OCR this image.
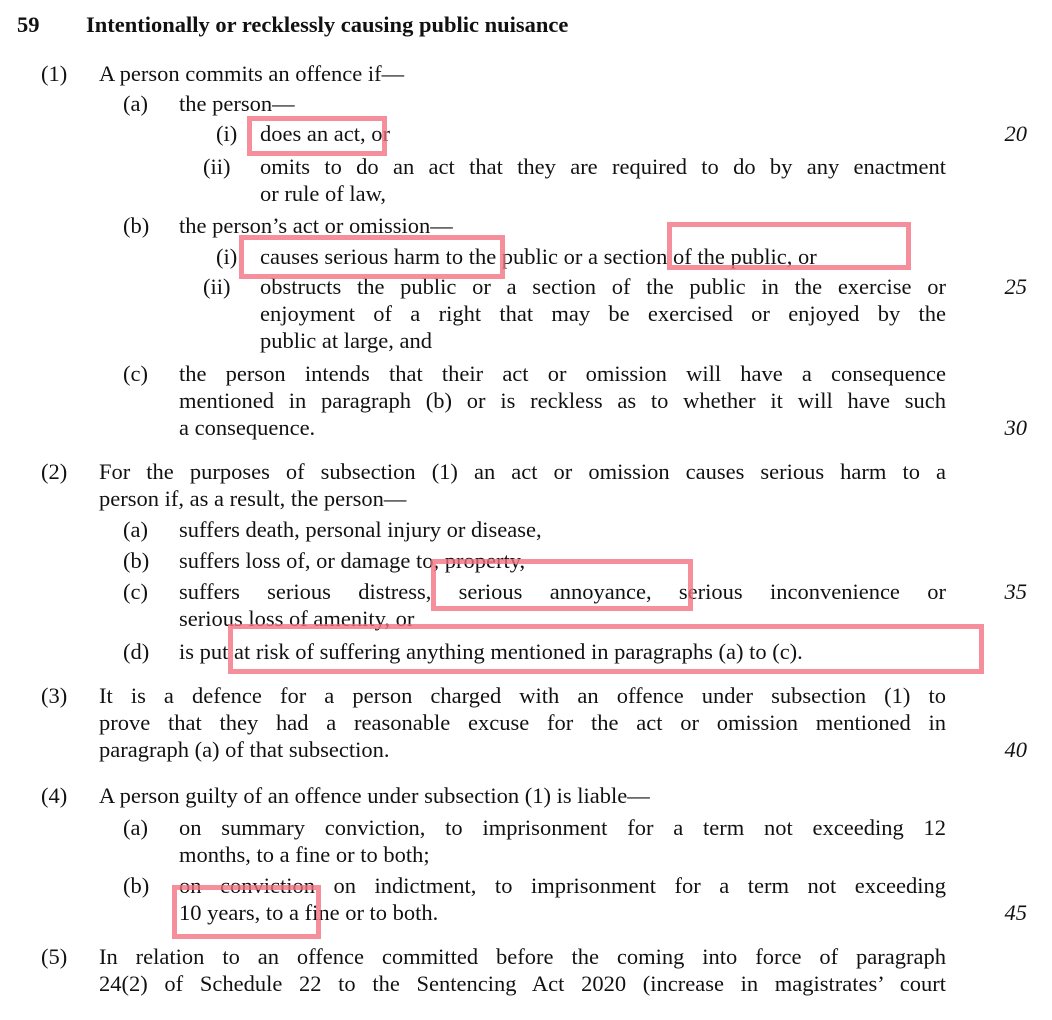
59 Intentionally or recklessly causing public nuisance
(1) A person commits an offence if—
(a) the person—
(i) does an act, or
(ii) omits to do an act that they are required to do by any enactment
or rule of law,
(b) the person’s act or omission—
(i) causes serious harm to the public or a section of the public, or
(ii) obstructs the public or a section of the public in the exercise or
enjoyment of a right that may be exercised or enjoyed by the
public at large, and
(c) the person intends that their act or omission will have a consequence
mentioned in paragraph (b) or is reckless as to whether it will have such
a consequence.
(2) For the purposes of subsection (1) an act or omission causes serious harm to a
person if, as a result, the person—
(a) suffers death, personal injury or disease,
(b) suffers loss of, or damage to, property,
(c) suffers serious distress, serious annoyance, serious inconvenience or
serious loss of amenity, or
(d) is put at risk of suffering anything mentioned in paragraphs (a) to (c).
(3) It is a defence for a person charged with an offence under subsection (1) to
prove that they had a reasonable excuse for the act or omission mentioned in
paragraph (a) of that subsection.
(4) A person guilty of an offence under subsection (1) is liable—
(a) on summary conviction, to imprisonment for a term not exceeding 12
months, to a fine or to both;
(b) on conviction on indictment, to imprisonment for a term not exceeding
10 years, to a fine or to both.
(5) In relation to an offence committed before the coming into force of paragraph
24(2) of Schedule 22 to the Sentencing Act 2020 (increase in magistrates’ court
20
25
30
35
40
45
